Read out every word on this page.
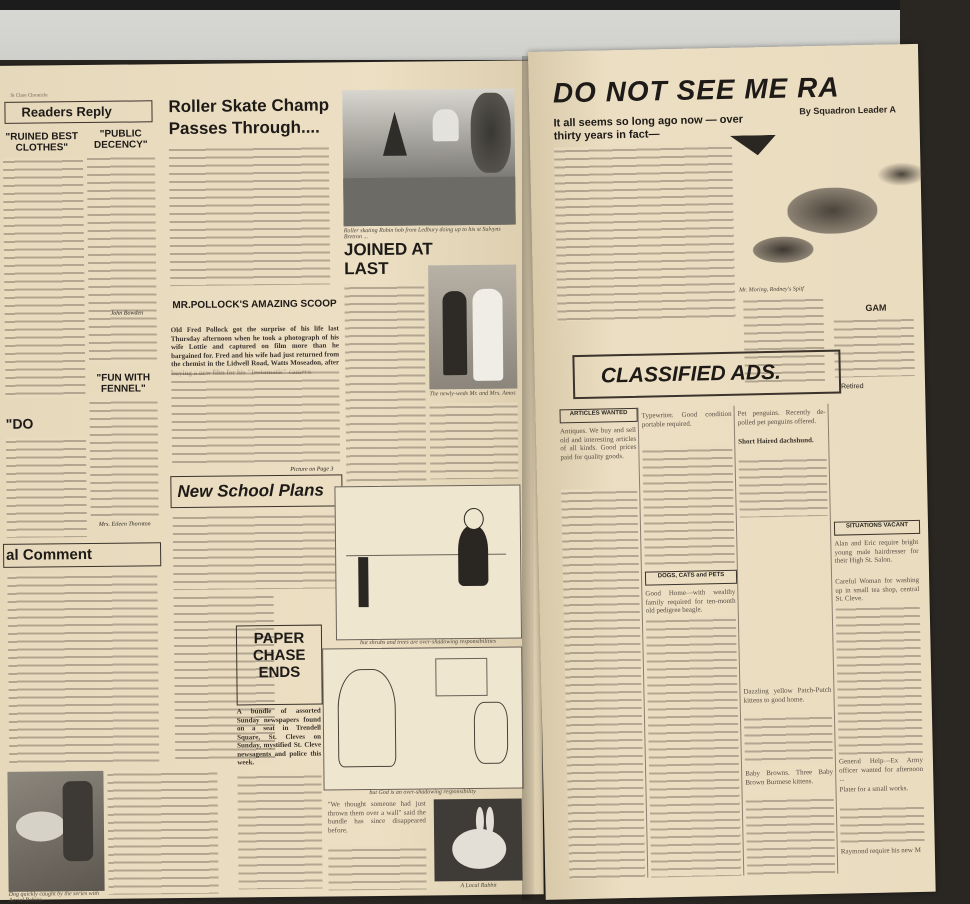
St Clare Chronicle
Readers Reply
"RUINED BEST CLOTHES"
"PUBLIC DECENCY"
John Bowden
"FUN WITH FENNEL"
Mrs. Eileen Thornton
"DO
al Comment
Dog quickly caught by the series with Aerial Robins
Roller Skate Champ Passes Through....
Roller skating Robin hob from Ledbury doing up to his st Sulvyns Bretron ...
MR.POLLOCK'S AMAZING SCOOP
Old Fred Pollock got the surprise of his life last Thursday afternoon when he took a photograph of his wife Lottie and captured on film more than he bargained for. Fred and his wife had just returned from the chemist in the Lidwell Road, Watts Moseadon, after
Picture on Page 3
JOINED AT LAST
The newly-weds Mr. and Mrs. Amos
New School Plans
but shrubs and trees are over-shadowing responsibilities
but God is an over-shadowing responsibility
PAPER CHASE ENDS
A bundle of assorted Sunday newspapers found on a seat in Trendell Square, St. Cleves on Sunday, mystified St. Cleve newsagents and police this week.
"We thought someone had just thrown them over a wall" said the bundle has since disappeared before.
A Local Rabbit
DO NOT SEE ME RA
It all seems so long ago now — over thirty years in fact—
By Squadron Leader A
Mr. Moring, Rodney's Spitf
GAM
CLASSIFIED ADS.	Retired
ARTICLES WANTED
Antiques. We buy and sell old and interesting articles of all kinds. Good prices paid for quality goods.
Typewriter. Good condition portable required.
DOGS, CATS and PETS
Good Home—with wealthy family required for ten-month old pedigree beagle.
Pet penguins. Recently de-polled pet penguins offered.
Short Haired dachshund.
Dazzling yellow Patch-Putch kittens to good home.
Baby Browns. Three Baby Brown Burmese kittens.
SITUATIONS VACANT
Alan and Eric require bright young male hairdresser for their High St. Salon.
Careful Woman for washing up in small tea shop, central St. Cleve.
General Help—Ex Army officer wanted for afternoon ...
Plater for a small works.
Raymond require his new M
